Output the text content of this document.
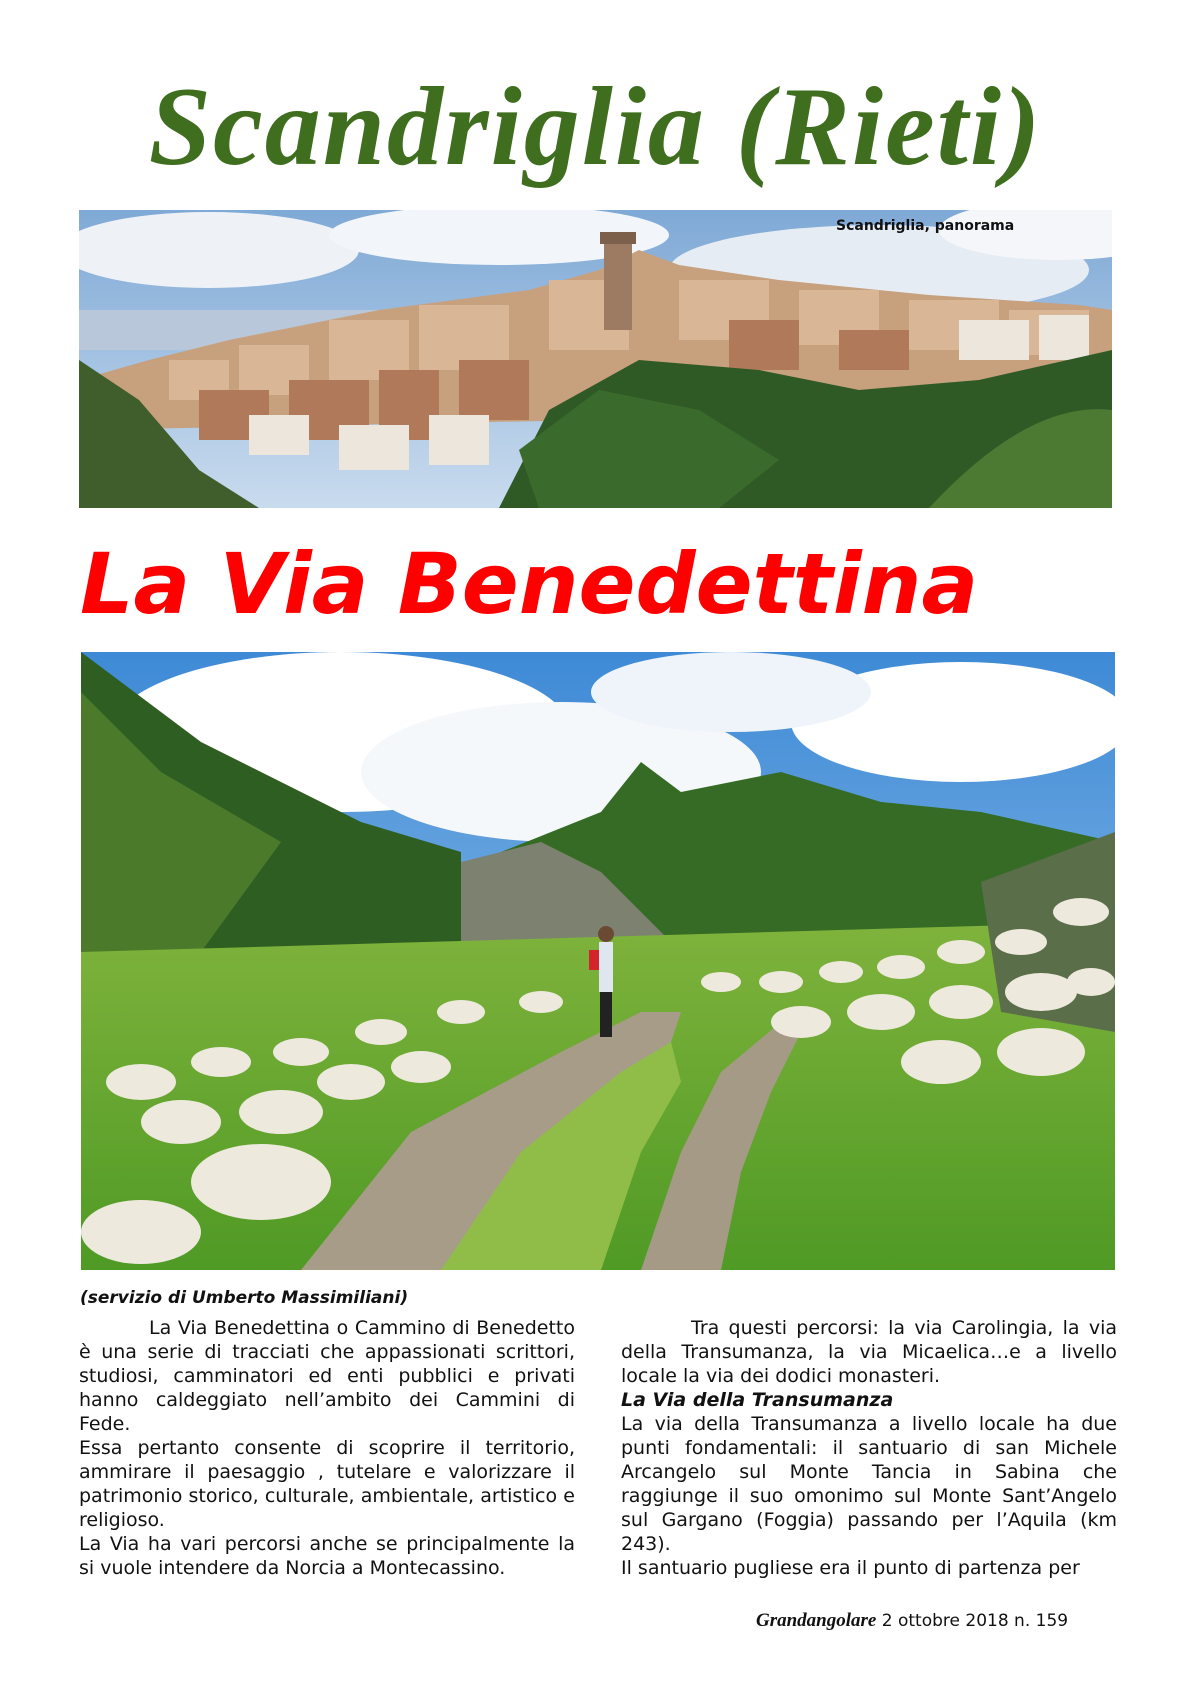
Scandriglia (Rieti)
Scandriglia, panorama
La Via Benedettina
(servizio di Umberto Massimiliani)

La Via Benedettina o Cammino di Benedetto è una serie di tracciati che appassionati scrittori, studiosi, camminatori ed enti pubblici e privati hanno caldeggiato nell’ambito dei Cammini di Fede.

Essa pertanto consente di scoprire il territorio, ammirare il paesaggio , tutelare e valorizzare il patrimonio storico, culturale, ambientale, artistico e religioso.

La Via ha vari percorsi anche se principalmente la si vuole intendere da Norcia a Montecassino.

Tra questi percorsi: la via Carolingia, la via della Transumanza, la via Micaelica…e a livello locale la via dei dodici monasteri.

La Via della Transumanza

La via della Transumanza a livello locale ha due punti fondamentali: il santuario di san Michele Arcangelo sul Monte Tancia in Sabina che raggiunge il suo omonimo sul Monte Sant’Angelo sul Gargano (Foggia) passando per l’Aquila (km 243).

Il santuario pugliese era il punto di partenza per

Grandangolare 2 ottobre 2018 n. 159
